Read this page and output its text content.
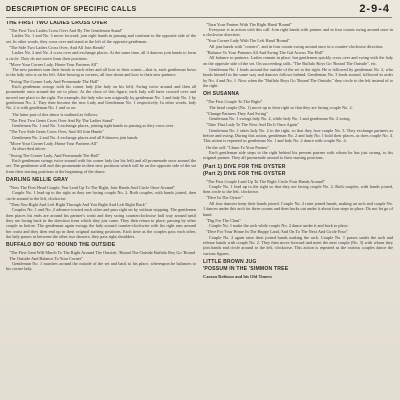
DESCRIPTION OF SPECIFIC CALLS	2-9-4
THE FIRST TWO LADIES CROSS OVER
"The First Two Ladies Cross Over And By The Gentlemen Stand"
Ladies No. 1 and No. 3 move forward, join right hands in passing and continue to the opposite side of the set. In other words, they cross over and stand at the left of the opposite gentleman.
"The Side Two Ladies Cross Over, And All Join Hands"
Ladies No. 2 and No. 4 cross over and exchange places. At the same time, all 4 dancers join hands to form a circle. They do not move from their positions.
"Move Your Corner Lady, Home Your Partners All"
The new partners turn their heads to each other and all bow to their corner—that is, each gentleman bows to the lady who is on his left. After bowing to corners, all face about and bow to their new partners.
"Swing The Corner Lady And Promenade The Hall"
Each gentleman swings with his corner lady (the lady on his left). Swing twice around and then all promenade once around the set to place. At the close of this figure, each lady will have crossed over and moved one place to the right. For example, the lady who was originally by gentleman No. 1 and lady No. 1 by gentleman No. 2. They then become the new Lady and Gentleman No. 1 respectively. In other words, lady No. 2 is with gentleman No. 1 and so on.
The latter part of this dance is outlined as follows:
"The First Two Gents Cross Over And By The Ladies Stand"
Gentlemen No. 1 and No. 3 exchange places, joining right hands in passing as they cross over.
"The Two Side Gents Cross Over, And All Join Hands"
Gentlemen No. 2 and No. 4 exchange places and all 8 dancers join hands.
"Move Your Corner Lady, Home Your Partners All"
As described above.
"Swing The Corner Lady, And Promenade The Hall"
Each gentleman swings twice around with his corner lady (on his left) and all promenade once around the set. The gentlemen will end this promenade in their new positions which will be on the opposite side of the set from their starting positions at the beginning of the dance.
DARLING NELLIE GRAY
"Now The First Head Couple, You Lead Up To The Right, Join Hands And Circle Once Around"
Couple No. 1 lead up to the right as they are facing couple No. 2. Both couples, with hands joined, then circle around to the left, clockwise.
"Then You Right And Left Right Through And You Right And Left Right Back"
Couples No. 1 and No. 2 advance toward each other and pass right on by without stopping. The gentlemen then places his ends are around his partner's waist and they swing counterclockwise half way around until they are facing back in the direction from which they just came. They then return to place, passing by other couple as before. The gentleman again swings the lady around counter-clockwise with his right arm around her waist and they then end up in their original starting positions. Each time as the couples pass each other, the lady passes in between the other two dancers, they pass right shoulders.
BUFFALO BOY GO 'ROUND THE OUTSIDE
"The First Gent Will March To The Right Around The Outside, 'Round The Outside Buffalo Boy Go 'Round The Outside And Balance To Your Corner"
Gentleman No. 1 marches around the outside of the set and back to his place, whereupon he balances to his corner lady.
"Turn Your Partner With The Right Hand 'Round"
Everyone is in action with this call. Join right hands with partner and in four counts swing around once in a clockwise direction.
"Your Corner Lady With The Left Hand 'Round"
All join hands with "corners", and in four counts swing around once in a counter-clockwise direction.
"Balance To Your Partners All And Swing The Gal Across The Hall"
All balance to partners. Ladies remain in place, but gentlemen quickly cross over and swing with the lady on the opposite side of the set. On succeeding calls, "The Buffalo Boys Go 'Round The Outside", etc.
Gentleman No. 1 leads around the outside of the set to the right. He is followed by gentleman No. 2, who heads himself in the same way and dancers follows behind. Gentleman No. 3 leads around, followed in order by No. 4 and No. 1. Now when the "Buffalo Boys Go 'Round The Outside," they circle to the left instead of to the right.
OH SUSANNA
"The First Couple To The Right"
The head couple (No. 1) move up to their right so that they are facing couple No. 2.
"Change Partners They And Swing"
Gentleman No. 1 swings lady No. 2, while lady No. 1 and gentleman No. 2 swing.
"Take That Lady To The Next And Do It Once Again"
Gentleman No. 1 takes lady No. 2 to the right, so that they face couple No. 3. They exchange partners as before and swing. During this action, gentleman No. 2 and lady No. 1 hold their places, as does couple No. 4. This action is repeated so gentleman No. 1 and lady No. 2 dance with couple No. 4.
On the call: "Chase To Your Partner"
Each gentleman side steps to the right behind his present partner with whom he has just swung, to his original partner. They all promenade around to their starting positions.
(Part 1) DIVE FOR THE OYSTER
(Part 2) DIVE FOR THE OYSTER
"The First Couple Lead Up To The Right Circle Four Hands Around"
Couple No. 1 lead up to the right so that they are facing couple No. 2. Both couples, with hands joined, then circle to the left, clockwise.
"Dive In The Oyster"
All four dancers keep their hands joined. Couple No. 2 raise joined hands, making an arch and couple No. 1 dances under this arch for three counts and then backs out under it about four steps in place. Do not let go of hand.
"Dig For The Clam"
Couple No. 1 make the arch while couple No. 2 dance under it and back to place.
"Dive For Your Home In The Happy Land, And On To The Next And Circle Four"
Couple No. 2 again raise their joined hands making the arch. Couple No. 1 passes under the arch and release hands with couple No. 2. They then move forward and meet the next couple (No. 3) with whom they join hands and circle around to the left, clockwise. This action is repeated as the various couples dance the various figures.
LITTLE BROWN JUG
'POSSUM IN THE 'SIMMON TREE
Carson Robison and his Old Timers
